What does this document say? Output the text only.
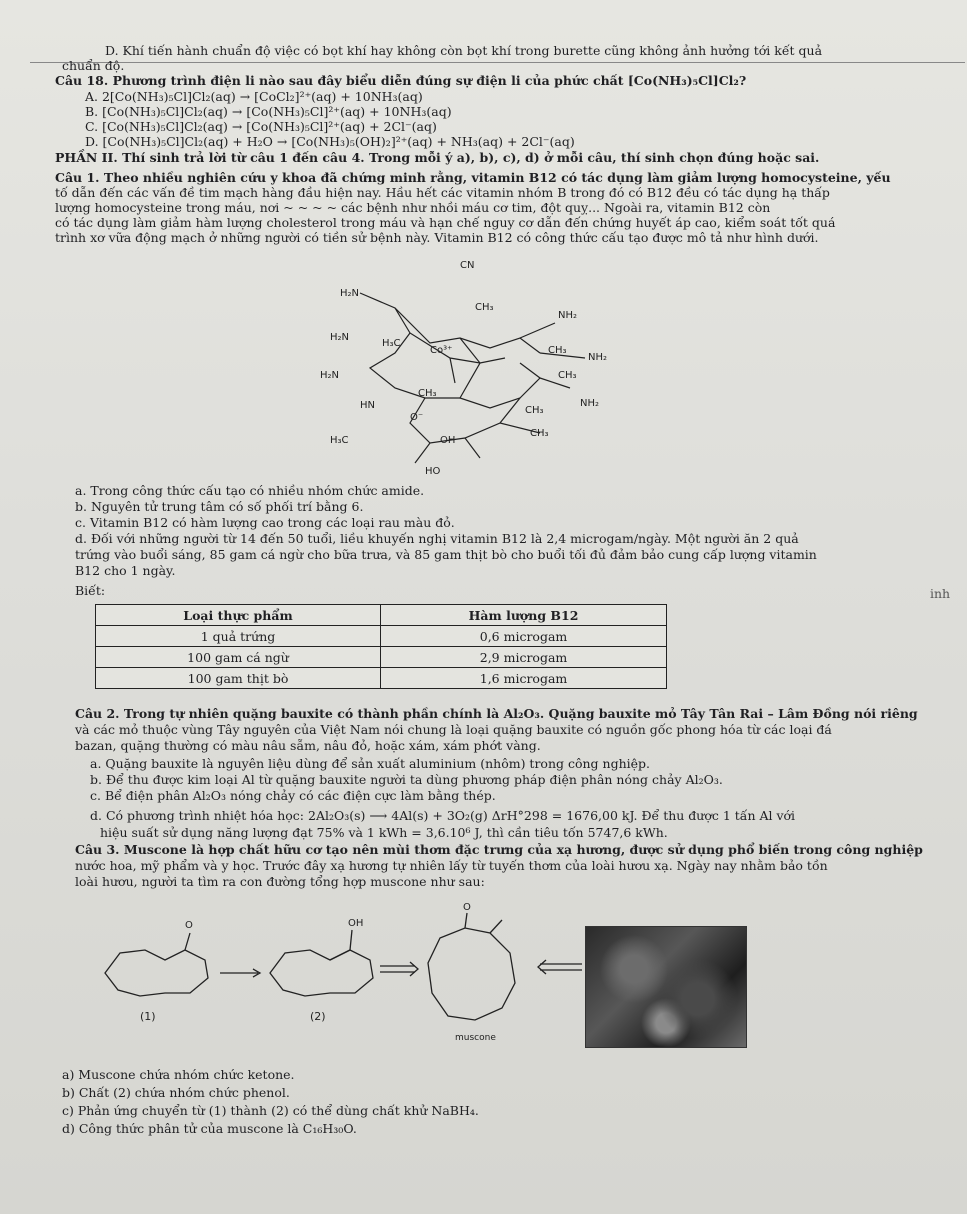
D. Khí tiến hành chuẩn độ việc có bọt khí hay không còn bọt khí trong burette cũng không ảnh hưởng tới kết quả
chuẩn độ.
Câu 18. Phương trình điện li nào sau đây biểu diễn đúng sự điện li của phức chất [Co(NH₃)₅Cl]Cl₂?
A. 2[Co(NH₃)₅Cl]Cl₂(aq) → [CoCl₂]²⁺(aq) + 10NH₃(aq)
B. [Co(NH₃)₅Cl]Cl₂(aq) → [Co(NH₃)₅Cl]²⁺(aq) + 10NH₃(aq)
C. [Co(NH₃)₅Cl]Cl₂(aq) → [Co(NH₃)₅Cl]²⁺(aq) + 2Cl⁻(aq)
D. [Co(NH₃)₅Cl]Cl₂(aq) + H₂O → [Co(NH₃)₅(OH)₂]²⁺(aq) + NH₃(aq) + 2Cl⁻(aq)
PHẦN II. Thí sinh trả lời từ câu 1 đến câu 4. Trong mỗi ý a), b), c), d) ở mỗi câu, thí sinh chọn đúng hoặc sai.
Câu 1. Theo nhiều nghiên cứu y khoa đã chứng minh rằng, vitamin B12 có tác dụng làm giảm lượng homocysteine, yếu
tố dẫn đến các vấn đề tim mạch hàng đầu hiện nay. Hầu hết các vitamin nhóm B trong đó có B12 đều có tác dụng hạ thấp
lượng homocysteine trong máu, nơi ~ ~ ~ ~ các bệnh như nhồi máu cơ tim, đột quỵ... Ngoài ra, vitamin B12 còn
có tác dụng làm giảm hàm lượng cholesterol trong máu và hạn chế nguy cơ dẫn đến chứng huyết áp cao, kiểm soát tốt quá
trình xơ vữa động mạch ở những người có tiền sử bệnh này. Vitamin B12 có công thức cấu tạo được mô tả như hình dưới.
H₂N
CN
CH₃
NH₂
H₂N
H₃C
Co³⁺	CH₃
NH₂
H₂N	CH₃
CH₃
HN	NH₂
CH₃
O⁻
CH₃
H₃C	OH
HO
a. Trong công thức cấu tạo có nhiều nhóm chức amide.
b. Nguyên tử trung tâm có số phối trí bằng 6.
c. Vitamin B12 có hàm lượng cao trong các loại rau màu đỏ.
d. Đối với những người từ 14 đến 50 tuổi, liều khuyến nghị vitamin B12 là 2,4 microgam/ngày. Một người ăn 2 quả
trứng vào buổi sáng, 85 gam cá ngừ cho bữa trưa, và 85 gam thịt bò cho buổi tối đủ đảm bảo cung cấp lượng vitamin
B12 cho 1 ngày.
Biết:	inh
Loại thực phẩm	Hàm lượng B12
1 quả trứng	0,6 microgam
100 gam cá ngừ	2,9 microgam
100 gam thịt bò	1,6 microgam
Câu 2. Trong tự nhiên quặng bauxite có thành phần chính là Al₂O₃. Quặng bauxite mỏ Tây Tân Rai – Lâm Đồng nói riêng
và các mỏ thuộc vùng Tây nguyên của Việt Nam nói chung là loại quặng bauxite có nguồn gốc phong hóa từ các loại đá
bazan, quặng thường có màu nâu sẫm, nâu đỏ, hoặc xám, xám phớt vàng.
a. Quặng bauxite là nguyên liệu dùng để sản xuất aluminium (nhôm) trong công nghiệp.
b. Để thu được kim loại Al từ quặng bauxite người ta dùng phương pháp điện phân nóng chảy Al₂O₃.
c. Bể điện phân Al₂O₃ nóng chảy có các điện cực làm bằng thép.
d. Có phương trình nhiệt hóa học: 2Al₂O₃(s) ⟶ 4Al(s) + 3O₂(g) ΔrH°298 = 1676,00 kJ. Để thu được 1 tấn Al với
hiệu suất sử dụng năng lượng đạt 75% và 1 kWh = 3,6.10⁶ J, thì cần tiêu tốn 5747,6 kWh.
Câu 3. Muscone là hợp chất hữu cơ tạo nên mùi thơm đặc trưng của xạ hương, được sử dụng phổ biến trong công nghiệp
nước hoa, mỹ phẩm và y học. Trước đây xạ hương tự nhiên lấy từ tuyến thơm của loài hươu xạ. Ngày nay nhằm bảo tồn
loài hươu, người ta tìm ra con đường tổng hợp muscone như sau:
O	OH
O
(1)	(2)
muscone
a) Muscone chứa nhóm chức ketone.
b) Chất (2) chứa nhóm chức phenol.
c) Phản ứng chuyển từ (1) thành (2) có thể dùng chất khử NaBH₄.
d) Công thức phân tử của muscone là C₁₆H₃₀O.
